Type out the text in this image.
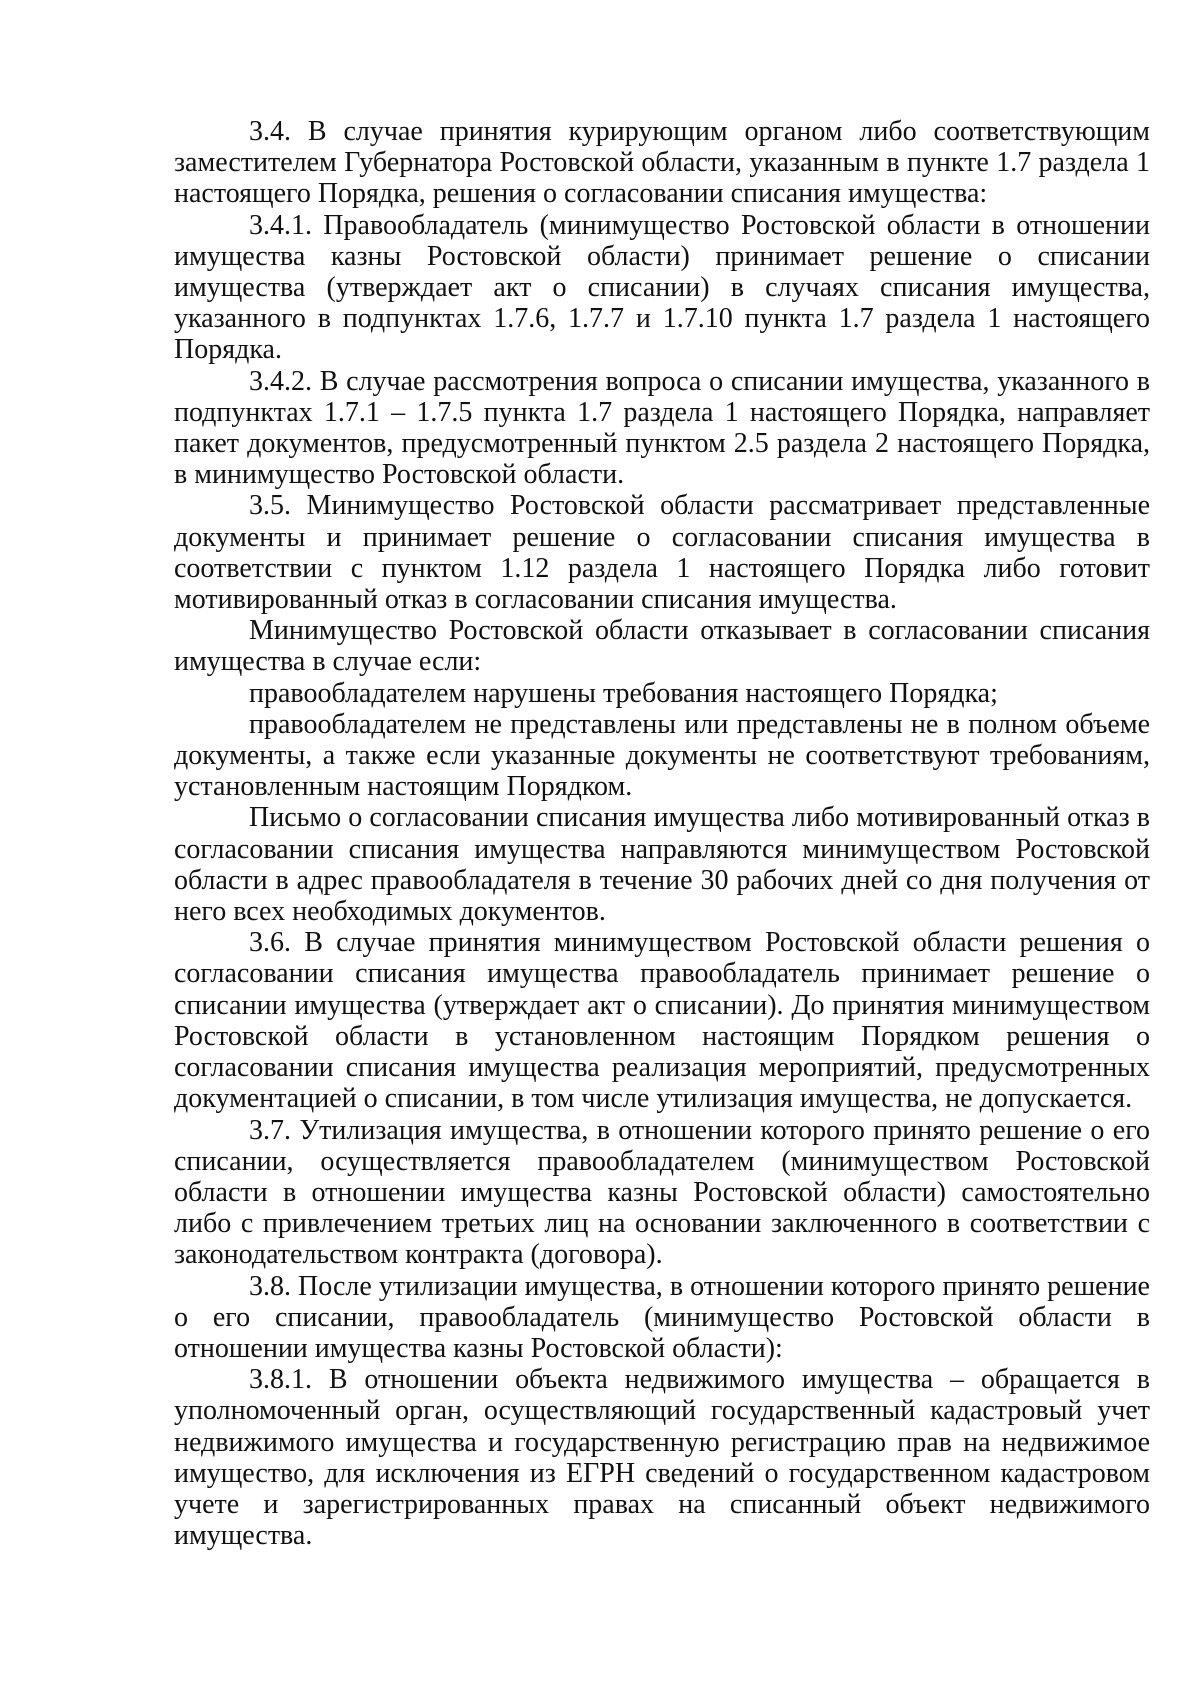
3.4. В случае принятия курирующим органом либо соответствующим заместителем Губернатора Ростовской области, указанным в пункте 1.7 раздела 1 настоящего Порядка, решения о согласовании списания имущества:

3.4.1. Правообладатель (минимущество Ростовской области в отношении имущества казны Ростовской области) принимает решение о списании имущества (утверждает акт о списании) в случаях списания имущества, указанного в подпунктах 1.7.6, 1.7.7 и 1.7.10 пункта 1.7 раздела 1 настоящего Порядка.

3.4.2. В случае рассмотрения вопроса о списании имущества, указанного в подпунктах 1.7.1 – 1.7.5 пункта 1.7 раздела 1 настоящего Порядка, направляет пакет документов, предусмотренный пунктом 2.5 раздела 2 настоящего Порядка, в минимущество Ростовской области.

3.5. Минимущество Ростовской области рассматривает представленные документы и принимает решение о согласовании списания имущества в соответствии с пунктом 1.12 раздела 1 настоящего Порядка либо готовит мотивированный отказ в согласовании списания имущества.

Минимущество Ростовской области отказывает в согласовании списания имущества в случае если:

правообладателем нарушены требования настоящего Порядка;

правообладателем не представлены или представлены не в полном объеме документы, а также если указанные документы не соответствуют требованиям, установленным настоящим Порядком.

Письмо о согласовании списания имущества либо мотивированный отказ в согласовании списания имущества направляются минимуществом Ростовской области в адрес правообладателя в течение 30 рабочих дней со дня получения от него всех необходимых документов.

3.6. В случае принятия минимуществом Ростовской области решения о согласовании списания имущества правообладатель принимает решение о списании имущества (утверждает акт о списании). До принятия минимуществом Ростовской области в установленном настоящим Порядком решения о согласовании списания имущества реализация мероприятий, предусмотренных документацией о списании, в том числе утилизация имущества, не допускается.

3.7. Утилизация имущества, в отношении которого принято решение о его списании, осуществляется правообладателем (минимуществом Ростовской области в отношении имущества казны Ростовской области) самостоятельно либо с привлечением третьих лиц на основании заключенного в соответствии с законодательством контракта (договора).

3.8. После утилизации имущества, в отношении которого принято решение о его списании, правообладатель (минимущество Ростовской области в отношении имущества казны Ростовской области):

3.8.1. В отношении объекта недвижимого имущества – обращается в уполномоченный орган, осуществляющий государственный кадастровый учет недвижимого имущества и государственную регистрацию прав на недвижимое имущество, для исключения из ЕГРН сведений о государственном кадастровом учете и зарегистрированных правах на списанный объект недвижимого имущества.
